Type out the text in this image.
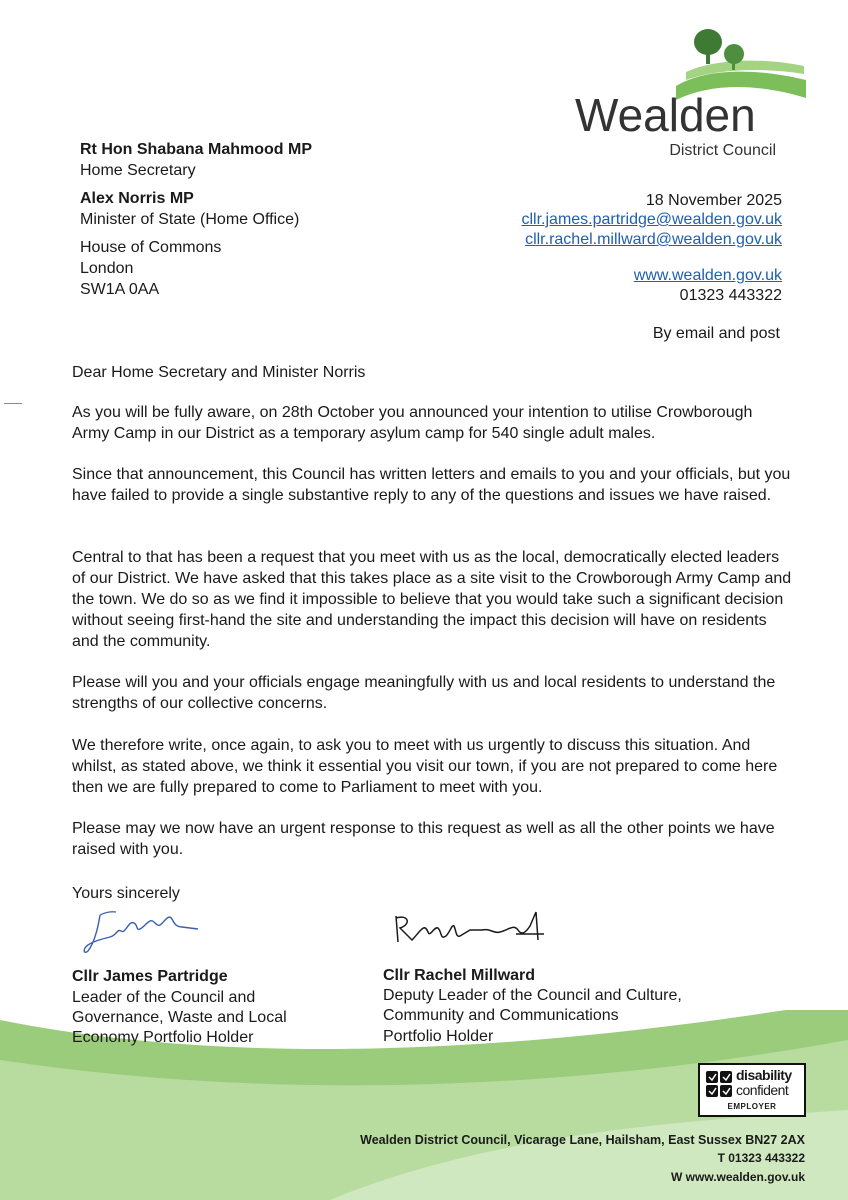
Wealden
District Council
Rt Hon Shabana Mahmood MP
Home Secretary
Alex Norris MP
Minister of State (Home Office)
House of Commons
London
SW1A 0AA
18 November 2025
cllr.james.partridge@wealden.gov.uk
cllr.rachel.millward@wealden.gov.uk
www.wealden.gov.uk
01323 443322
By email and post
Dear Home Secretary and Minister Norris

As you will be fully aware, on 28th October you announced your intention to utilise Crowborough Army Camp in our District as a temporary asylum camp for 540 single adult males.

Since that announcement, this Council has written letters and emails to you and your officials, but you have failed to provide a single substantive reply to any of the questions and issues we have raised.

Central to that has been a request that you meet with us as the local, democratically elected leaders of our District. We have asked that this takes place as a site visit to the Crowborough Army Camp and the town. We do so as we find it impossible to believe that you would take such a significant decision without seeing first-hand the site and understanding the impact this decision will have on residents and the community.

Please will you and your officials engage meaningfully with us and local residents to understand the strengths of our collective concerns.

We therefore write, once again, to ask you to meet with us urgently to discuss this situation. And whilst, as stated above, we think it essential you visit our town, if you are not prepared to come here then we are fully prepared to come to Parliament to meet with you.

Please may we now have an urgent response to this request as well as all the other points we have raised with you.

Yours sincerely
Cllr James Partridge
Leader of the Council and
Governance, Waste and Local
Economy Portfolio Holder
Cllr Rachel Millward
Deputy Leader of the Council and Culture,
Community and Communications
Portfolio Holder
disability
confident
EMPLOYER
Wealden District Council, Vicarage Lane, Hailsham, East Sussex BN27 2AX
T 01323 443322
W www.wealden.gov.uk
